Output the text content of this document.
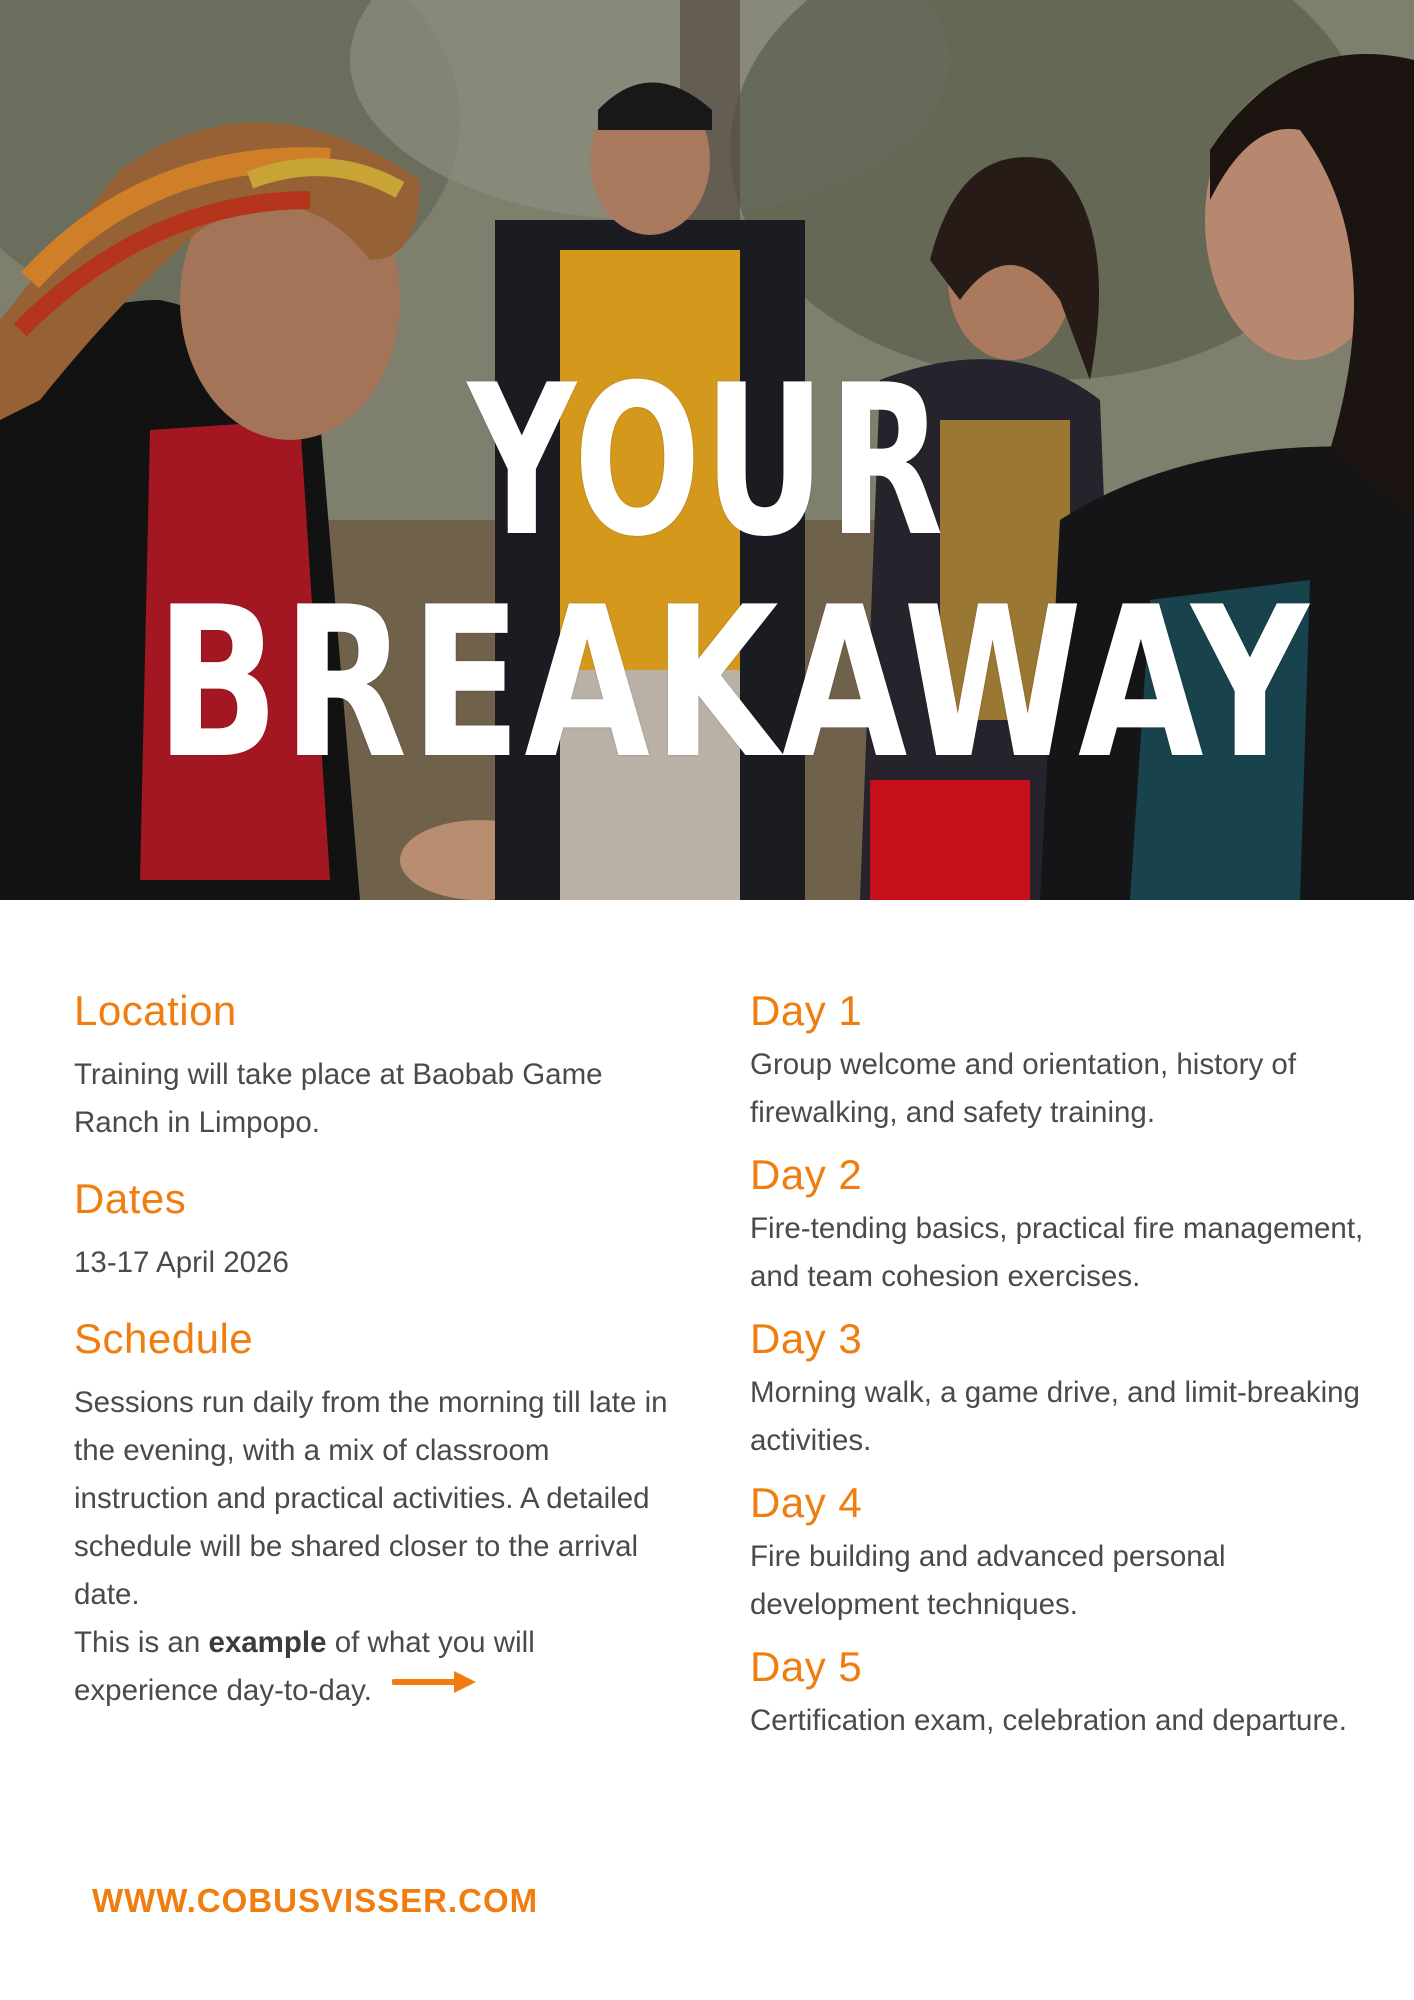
YOUR
BREAKAWAY
Location

Training will take place at Baobab Game Ranch in Limpopo.

Dates

13-17 April 2026

Schedule

Sessions run daily from the morning till late in the evening, with a mix of classroom instruction and practical activities. A detailed schedule will be shared closer to the arrival date.

This is an example of what you will experience day-to-day.

Day 1

Group welcome and orientation, history of firewalking, and safety training.

Day 2

Fire-tending basics, practical fire management, and team cohesion exercises.

Day 3

Morning walk, a game drive, and limit-breaking activities.

Day 4

Fire building and advanced personal development techniques.

Day 5

Certification exam, celebration and departure.

WWW.COBUSVISSER.COM
